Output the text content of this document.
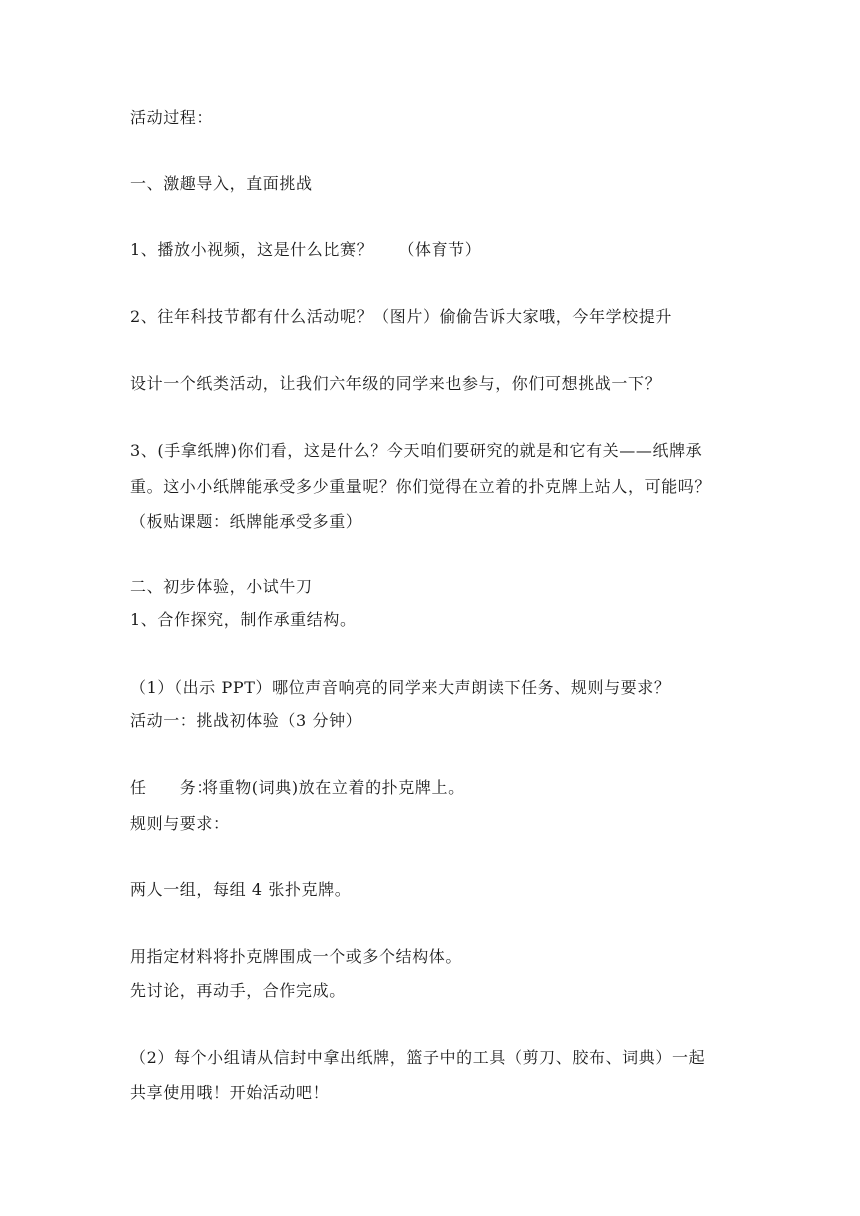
活动过程：
一、激趣导入，直面挑战
1、播放小视频，这是什么比赛？　　（体育节）
2、往年科技节都有什么活动呢？（图片）偷偷告诉大家哦，今年学校提升
设计一个纸类活动，让我们六年级的同学来也参与，你们可想挑战一下？
3、(手拿纸牌)你们看，这是什么？今天咱们要研究的就是和它有关——纸牌承
重。这小小纸牌能承受多少重量呢？你们觉得在立着的扑克牌上站人，可能吗？
（板贴课题：纸牌能承受多重）
二、初步体验，小试牛刀
1、合作探究，制作承重结构。
（1）（出示 PPT）哪位声音响亮的同学来大声朗读下任务、规则与要求？
活动一：挑战初体验（3 分钟）
任　　务：将重物(词典)放在立着的扑克牌上。
规则与要求：
两人一组，每组 4 张扑克牌。
用指定材料将扑克牌围成一个或多个结构体。
先讨论，再动手，合作完成。
（2）每个小组请从信封中拿出纸牌，篮子中的工具（剪刀、胶布、词典）一起
共享使用哦！开始活动吧！
